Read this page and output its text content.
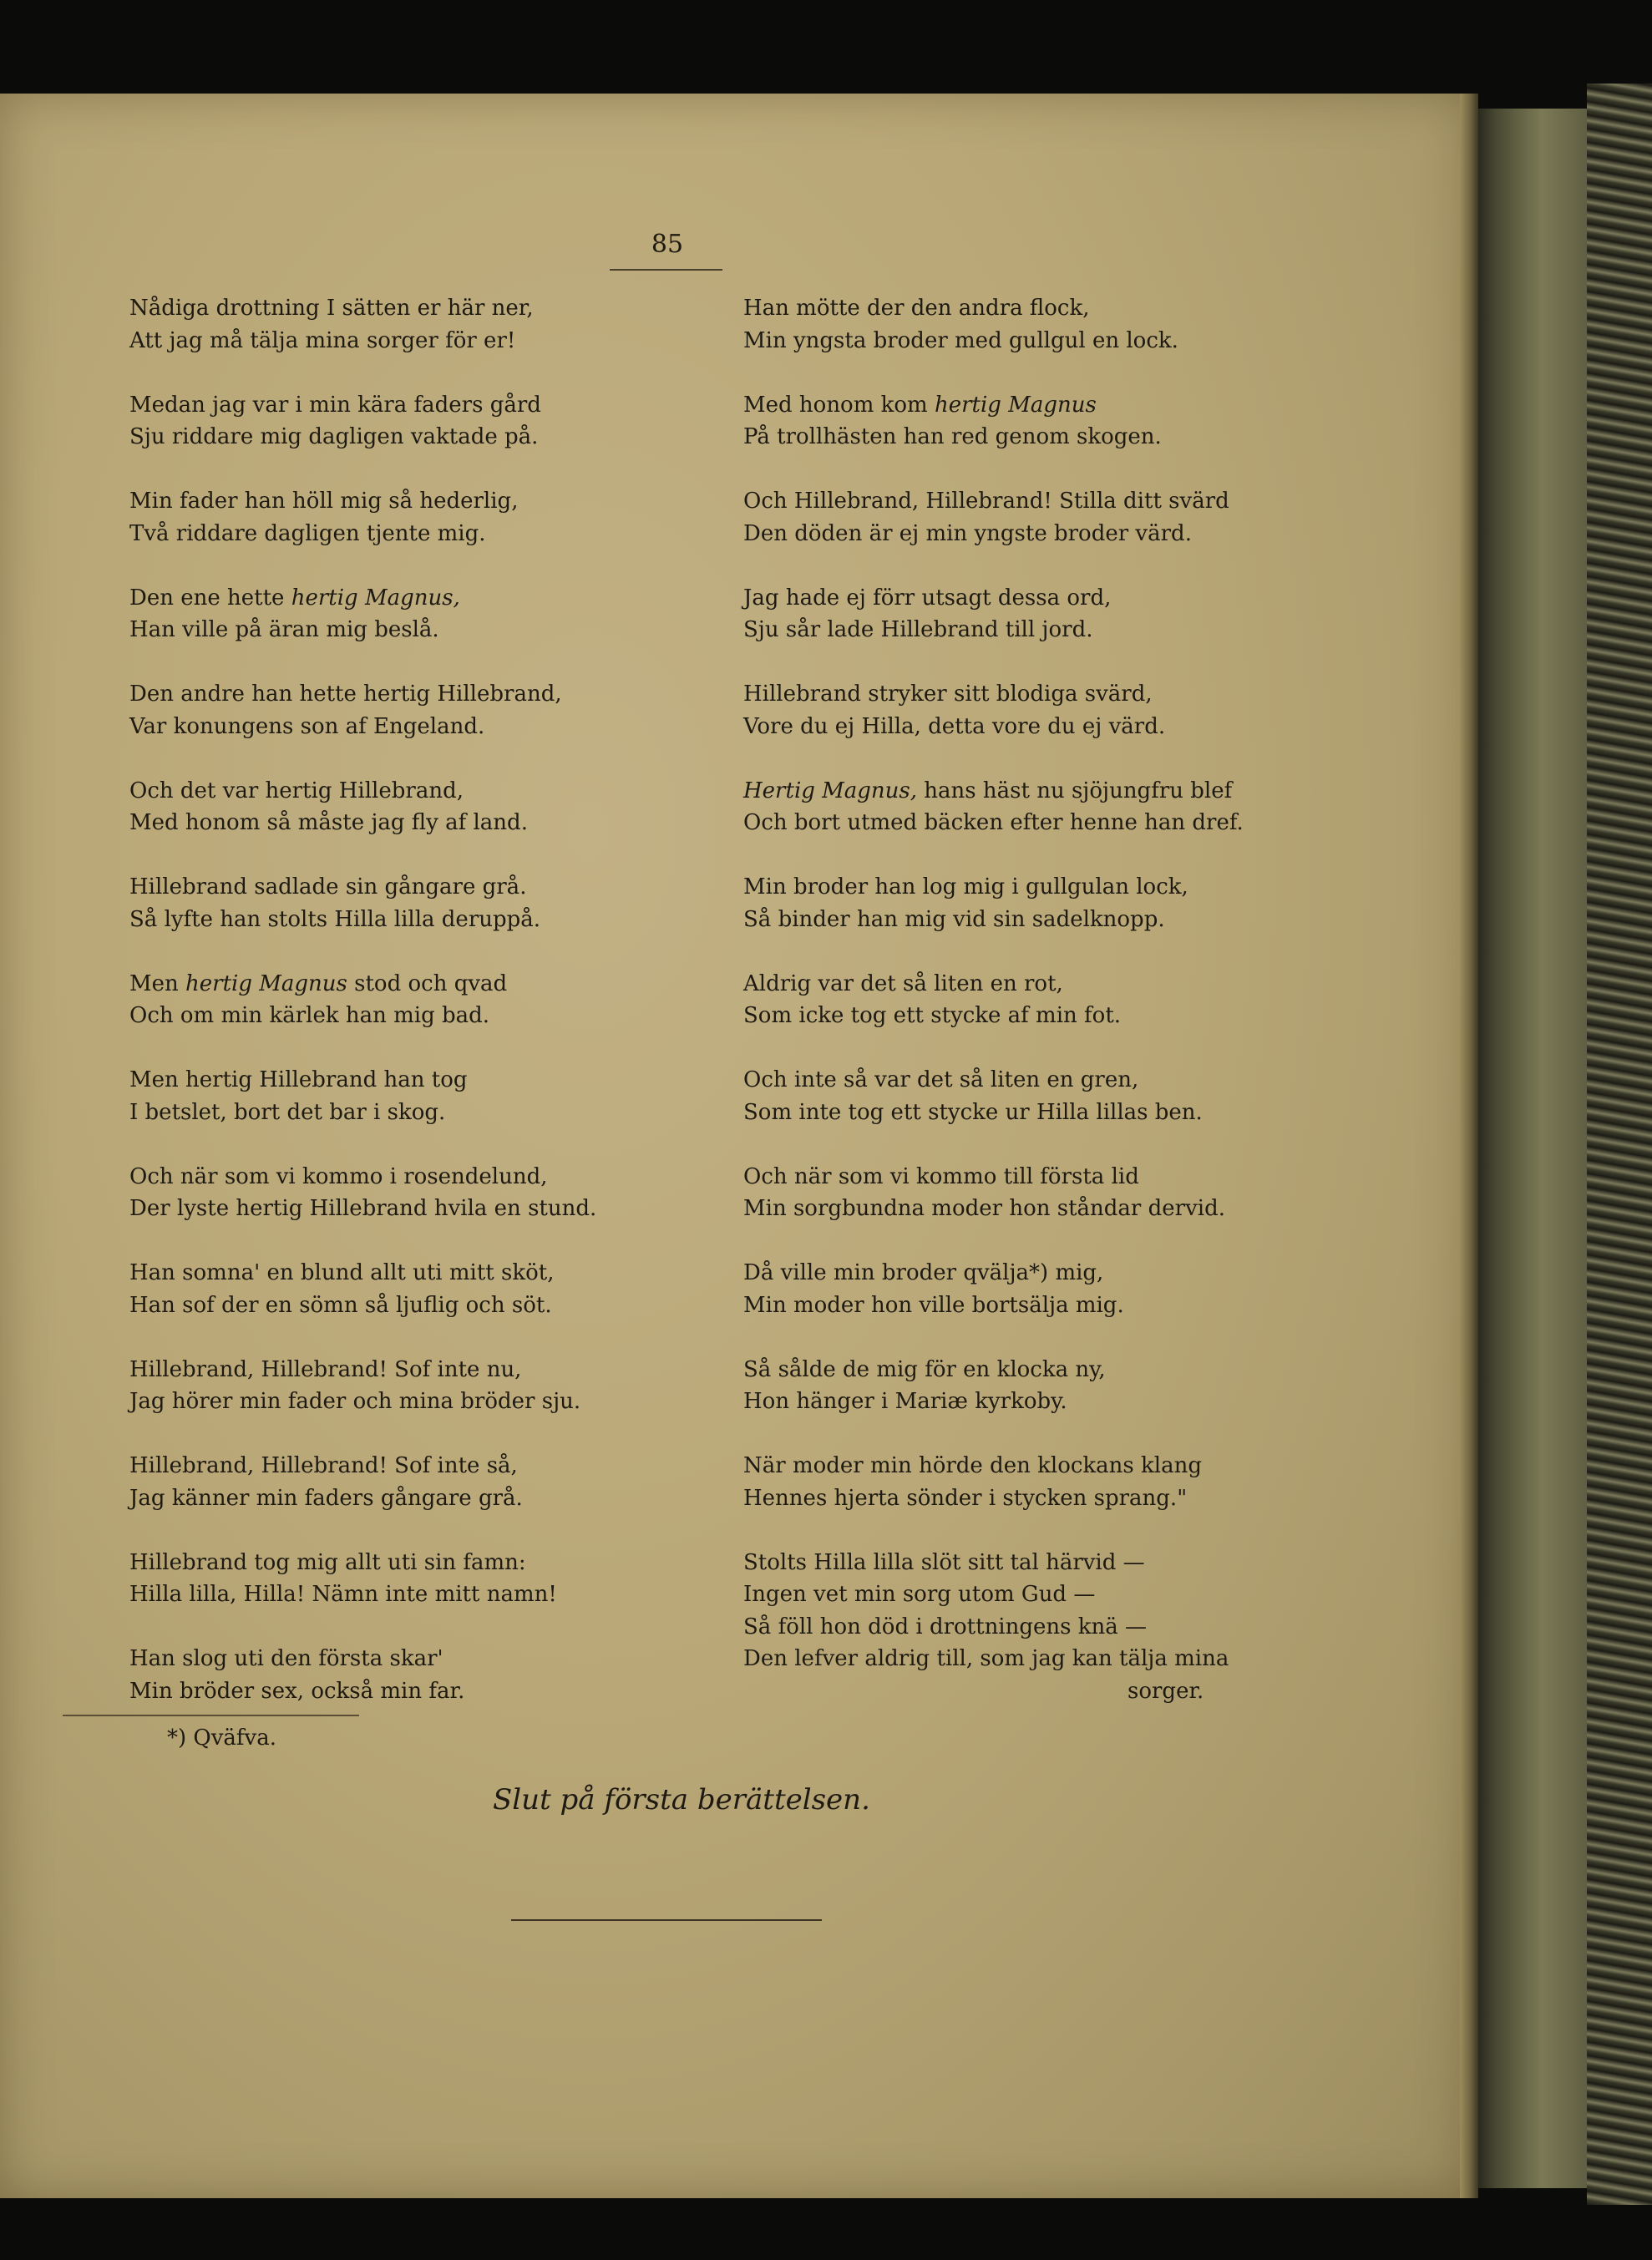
85
Nådiga drottning I sätten er här ner,
Att jag må tälja mina sorger för er!
Medan jag var i min kära faders gård
Sju riddare mig dagligen vaktade på.
Min fader han höll mig så hederlig,
Två riddare dagligen tjente mig.
Den ene hette hertig Magnus,
Han ville på äran mig beslå.
Den andre han hette hertig Hillebrand,
Var konungens son af Engeland.
Och det var hertig Hillebrand,
Med honom så måste jag fly af land.
Hillebrand sadlade sin gångare grå.
Så lyfte han stolts Hilla lilla deruppå.
Men hertig Magnus stod och qvad
Och om min kärlek han mig bad.
Men hertig Hillebrand han tog
I betslet, bort det bar i skog.
Och när som vi kommo i rosendelund,
Der lyste hertig Hillebrand hvila en stund.
Han somna' en blund allt uti mitt sköt,
Han sof der en sömn så ljuflig och söt.
Hillebrand, Hillebrand! Sof inte nu,
Jag hörer min fader och mina bröder sju.
Hillebrand, Hillebrand! Sof inte så,
Jag känner min faders gångare grå.
Hillebrand tog mig allt uti sin famn:
Hilla lilla, Hilla! Nämn inte mitt namn!
Han slog uti den första skar'
Min bröder sex, också min far.
Han mötte der den andra flock,
Min yngsta broder med gullgul en lock.
Med honom kom hertig Magnus
På trollhästen han red genom skogen.
Och Hillebrand, Hillebrand! Stilla ditt svärd
Den döden är ej min yngste broder värd.
Jag hade ej förr utsagt dessa ord,
Sju sår lade Hillebrand till jord.
Hillebrand stryker sitt blodiga svärd,
Vore du ej Hilla, detta vore du ej värd.
Hertig Magnus, hans häst nu sjöjungfru blef
Och bort utmed bäcken efter henne han dref.
Min broder han log mig i gullgulan lock,
Så binder han mig vid sin sadelknopp.
Aldrig var det så liten en rot,
Som icke tog ett stycke af min fot.
Och inte så var det så liten en gren,
Som inte tog ett stycke ur Hilla lillas ben.
Och när som vi kommo till första lid
Min sorgbundna moder hon ståndar dervid.
Då ville min broder qvälja*) mig,
Min moder hon ville bortsälja mig.
Så sålde de mig för en klocka ny,
Hon hänger i Mariæ kyrkoby.
När moder min hörde den klockans klang
Hennes hjerta sönder i stycken sprang."
Stolts Hilla lilla slöt sitt tal härvid —
Ingen vet min sorg utom Gud —
Så föll hon död i drottningens knä —
Den lefver aldrig till, som jag kan tälja mina
sorger.
*) Qväfva.
Slut på första berättelsen.
